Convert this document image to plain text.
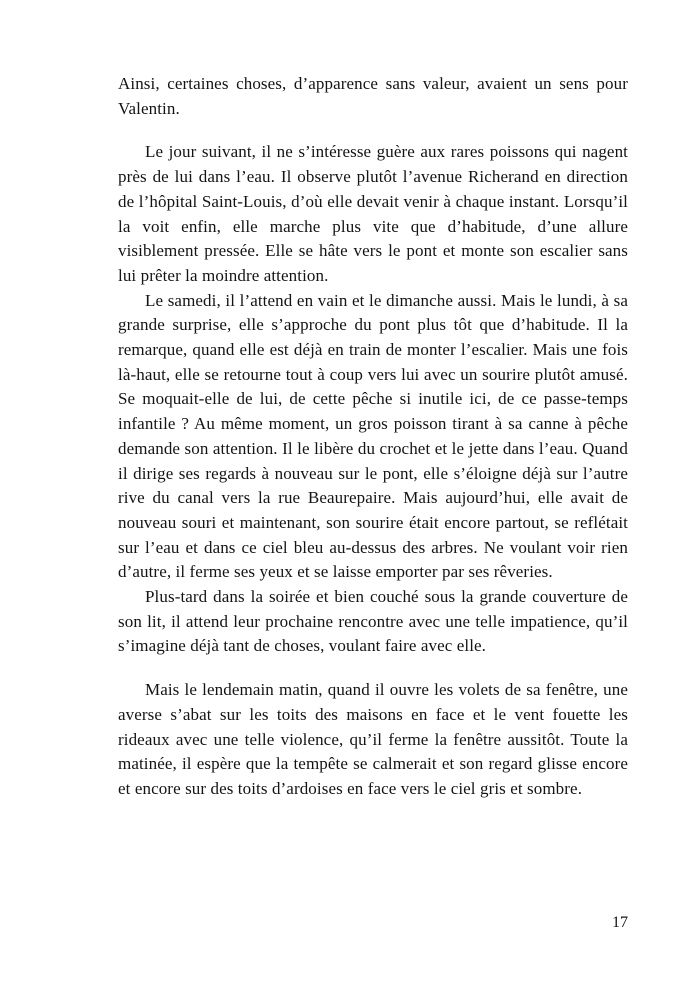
Ainsi, certaines choses, d’apparence sans valeur, avaient un sens pour Valentin.

Le jour suivant, il ne s’intéresse guère aux rares poissons qui nagent près de lui dans l’eau. Il observe plutôt l’avenue Richerand en direction de l’hôpital Saint-Louis, d’où elle devait venir à chaque instant. Lorsqu’il la voit enfin, elle marche plus vite que d’habitude, d’une allure visiblement pressée. Elle se hâte vers le pont et monte son escalier sans lui prêter la moindre attention.

Le samedi, il l’attend en vain et le dimanche aussi. Mais le lundi, à sa grande surprise, elle s’approche du pont plus tôt que d’habitude. Il la remarque, quand elle est déjà en train de monter l’escalier. Mais une fois là-haut, elle se retourne tout à coup vers lui avec un sourire plutôt amusé. Se moquait-elle de lui, de cette pêche si inutile ici, de ce passe-temps infantile ? Au même moment, un gros poisson tirant à sa canne à pêche demande son attention. Il le libère du crochet et le jette dans l’eau. Quand il dirige ses regards à nouveau sur le pont, elle s’éloigne déjà sur l’autre rive du canal vers la rue Beaurepaire. Mais aujourd’hui, elle avait de nouveau souri et maintenant, son sourire était encore partout, se reflétait sur l’eau et dans ce ciel bleu au-dessus des arbres. Ne voulant voir rien d’autre, il ferme ses yeux et se laisse emporter par ses rêveries.

Plus-tard dans la soirée et bien couché sous la grande couverture de son lit, il attend leur prochaine rencontre avec une telle impatience, qu’il s’imagine déjà tant de choses, voulant faire avec elle.

Mais le lendemain matin, quand il ouvre les volets de sa fenêtre, une averse s’abat sur les toits des maisons en face et le vent fouette les rideaux avec une telle violence, qu’il ferme la fenêtre aussitôt. Toute la matinée, il espère que la tempête se calmerait et son regard glisse encore et encore sur des toits d’ardoises en face vers le ciel gris et sombre.

17
